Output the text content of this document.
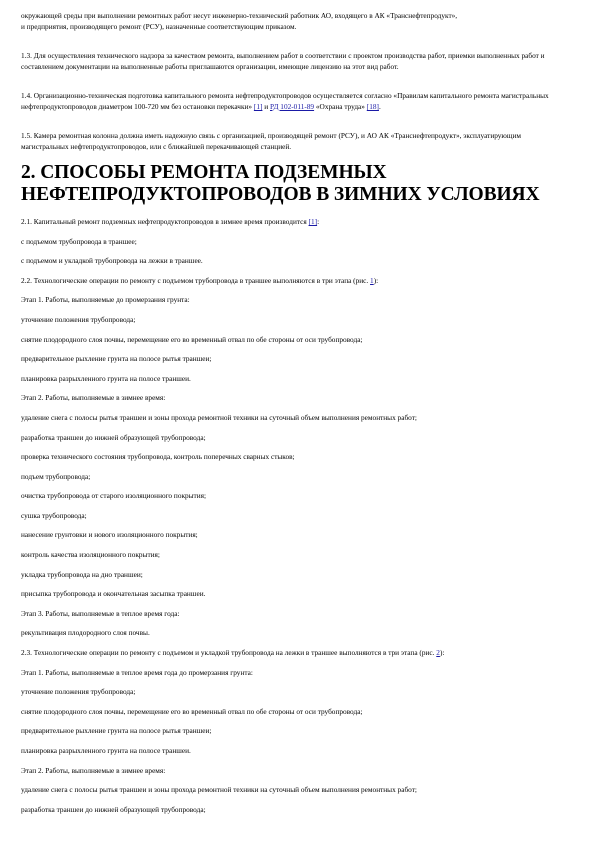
окружающей среды при выполнении ремонтных работ несут инженерно-технический работник АО, входящего в АК «Транснефтепродукт»,
и предприятия, производящего ремонт (РСУ), назначенные соответствующим приказом.

1.3. Для осуществления технического надзора за качеством ремонта, выполнением работ в соответствии с проектом производства работ, приемки выполненных работ и составлением документации на выполненные работы приглашаются организации, имеющие лицензию на этот вид работ.

1.4. Организационно-техническая подготовка капитального ремонта нефтепродуктопроводов осуществляется согласно «Правилам капитального ремонта магистральных нефтепродуктопроводов диаметром 100-720 мм без остановки перекачки» [1] и РД 102-011-89 «Охрана труда» [18].

1.5. Камера ремонтная колонна должна иметь надежную связь с организацией, производящей ремонт (РСУ), и АО АК «Транснефтепродукт», эксплуатирующим магистральных нефтепродуктопроводов, или с ближайшей перекачивающей станцией.

2. СПОСОБЫ РЕМОНТА ПОДЗЕМНЫХ
НЕФТЕПРОДУКТОПРОВОДОВ В ЗИМНИХ УСЛОВИЯХ

2.1. Капитальный ремонт подземных нефтепродуктопроводов в зимнее время производится [1]:

с подъемом трубопровода в траншее;

с подъемом и укладкой трубопровода на лежки в траншее.

2.2. Технологические операции по ремонту с подъемом трубопровода в траншее выполняются в три этапа (рис. 1):

Этап 1. Работы, выполняемые до промерзания грунта:

уточнение положения трубопровода;

снятие плодородного слоя почвы, перемещение его во временный отвал по обе стороны от оси трубопровода;

предварительное рыхление грунта на полосе рытья траншеи;

планировка разрыхленного грунта на полосе траншеи.

Этап 2. Работы, выполняемые в зимнее время:

удаление снега с полосы рытья траншеи и зоны прохода ремонтной техники на суточный объем выполнения ремонтных работ;

разработка траншеи до нижней образующей трубопровода;

проверка технического состояния трубопровода, контроль поперечных сварных стыков;

подъем трубопровода;

очистка трубопровода от старого изоляционного покрытия;

сушка трубопровода;

нанесение грунтовки и нового изоляционного покрытия;

контроль качества изоляционного покрытия;

укладка трубопровода на дно траншеи;

присыпка трубопровода и окончательная засыпка траншеи.

Этап 3. Работы, выполняемые в теплое время года:

рекультивация плодородного слоя почвы.

2.3. Технологические операции по ремонту с подъемом и укладкой трубопровода на лежки в траншее выполняются в три этапа (рис. 2):

Этап 1. Работы, выполняемые в теплое время года до промерзания грунта:

уточнение положения трубопровода;

снятие плодородного слоя почвы, перемещение его во временный отвал по обе стороны от оси трубопровода;

предварительное рыхление грунта на полосе рытья траншеи;

планировка разрыхленного грунта на полосе траншеи.

Этап 2. Работы, выполняемые в зимнее время:

удаление снега с полосы рытья траншеи и зоны прохода ремонтной техники на суточный объем выполнения ремонтных работ;

разработка траншеи до нижней образующей трубопровода;
